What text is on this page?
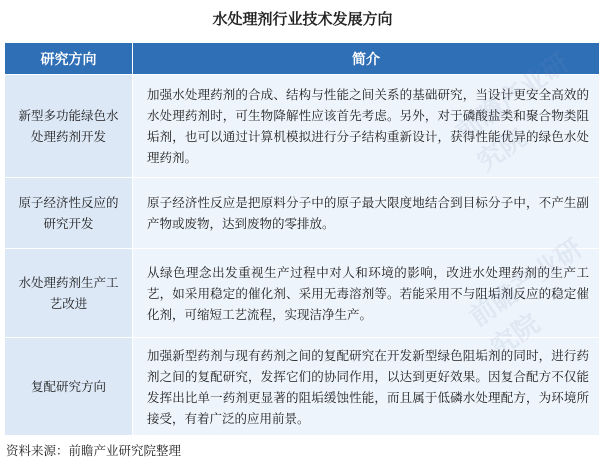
水处理剂行业技术发展方向
研究方向	简介
新型多功能绿色水处理药剂开发	加强水处理药剂的合成、结构与性能之间关系的基础研究，当设计更安全高效的水处理药剂时，可生物降解性应该首先考虑。另外，对于磷酸盐类和聚合物类阻垢剂，也可以通过计算机模拟进行分子结构重新设计，获得性能优异的绿色水处理药剂。
原子经济性反应的研究开发	原子经济性反应是把原料分子中的原子最大限度地结合到目标分子中，不产生副产物或废物，达到废物的零排放。
水处理药剂生产工艺改进	从绿色理念出发重视生产过程中对人和环境的影响，改进水处理药剂的生产工艺，如采用稳定的催化剂、采用无毒溶剂等。若能采用不与阻垢剂反应的稳定催化剂，可缩短工艺流程，实现洁净生产。
复配研究方向	加强新型药剂与现有药剂之间的复配研究在开发新型绿色阻垢剂的同时，进行药剂之间的复配研究，发挥它们的协同作用，以达到更好效果。因复合配方不仅能发挥出比单一药剂更显著的阻垢缓蚀性能，而且属于低磷水处理配方，为环境所接受，有着广泛的应用前景。
资料来源：前瞻产业研究院整理
